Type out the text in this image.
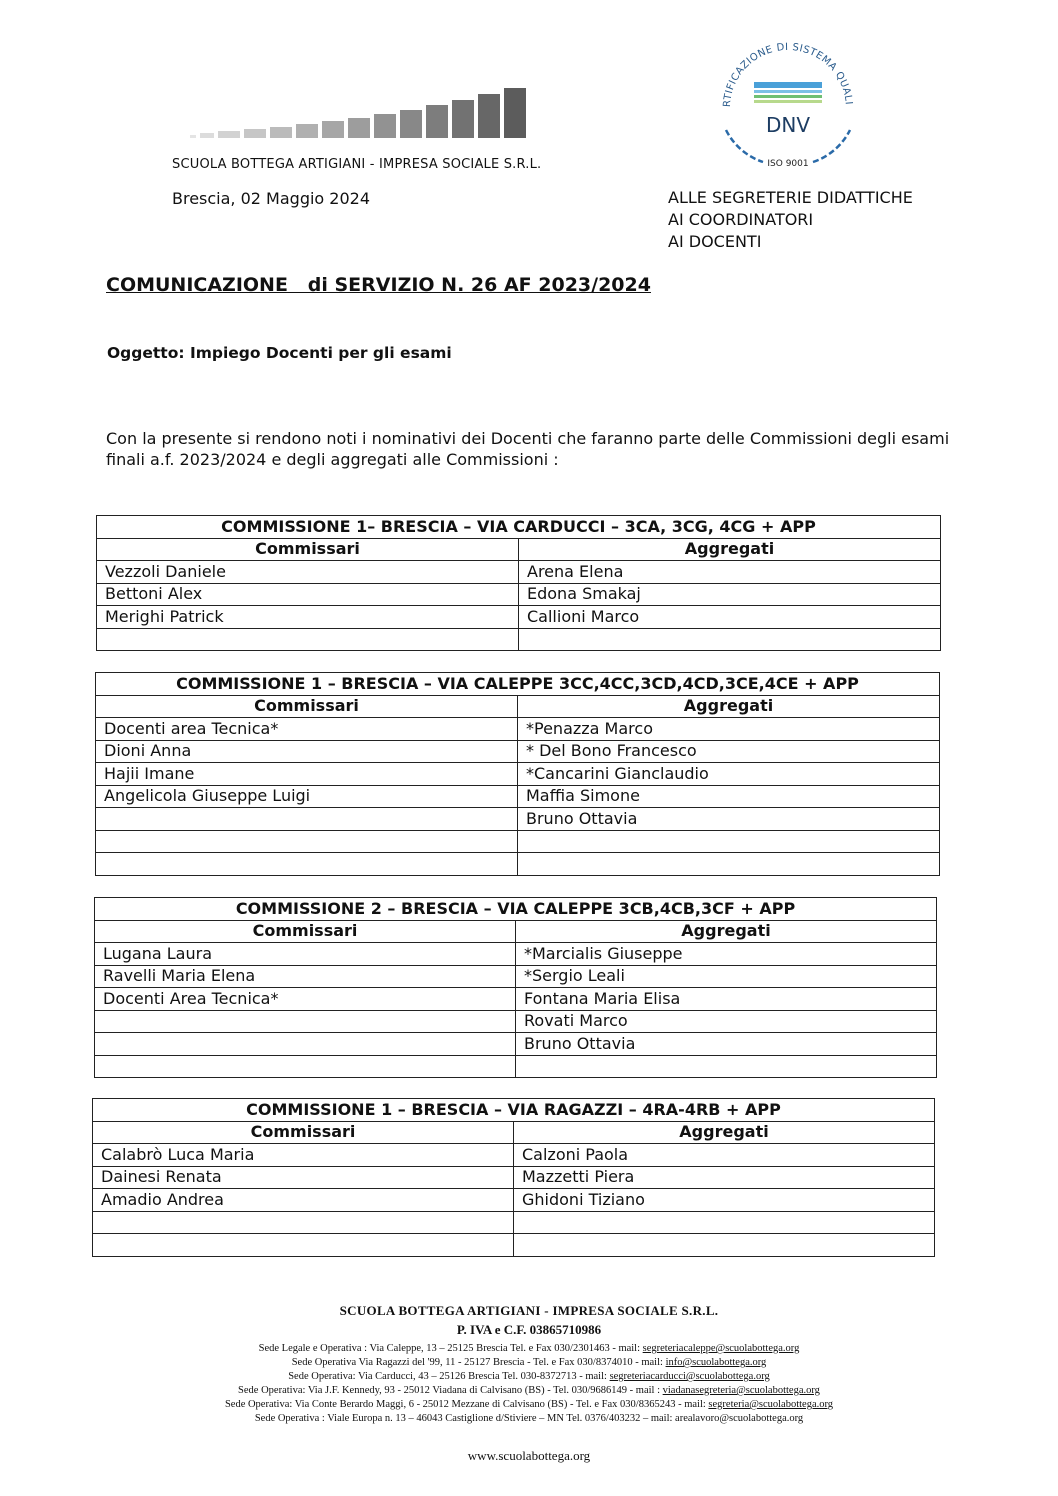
SCUOLA BOTTEGA ARTIGIANI - IMPRESA SOCIALE S.R.L.
Brescia, 02 Maggio 2024
RTIFICAZIONE DI SISTEMA QUALI
DNV
ISO 9001
ALLE SEGRETERIE DIDATTICHE
AI COORDINATORI
AI DOCENTI
COMUNICAZIONE   di SERVIZIO N. 26 AF 2023/2024
Oggetto: Impiego Docenti per gli esami
Con la presente si rendono noti i nominativi dei Docenti che faranno parte delle Commissioni degli esami finali a.f. 2023/2024 e degli aggregati alle Commissioni :
COMMISSIONE 1– BRESCIA – VIA CARDUCCI – 3CA, 3CG, 4CG + APP	
Commissari	Aggregati
Vezzoli Daniele	Arena Elena
Bettoni Alex	Edona Smakaj
Merighi Patrick	Callioni Marco

COMMISSIONE 1 – BRESCIA – VIA CALEPPE 3CC,4CC,3CD,4CD,3CE,4CE + APP	
Commissari	Aggregati
Docenti area Tecnica*	*Penazza Marco
Dioni Anna	* Del Bono Francesco
Hajii Imane	*Cancarini Gianclaudio
Angelicola Giuseppe Luigi	Maffia Simone
	Bruno Ottavia

COMMISSIONE 2 – BRESCIA – VIA CALEPPE 3CB,4CB,3CF + APP	
Commissari	Aggregati
Lugana Laura	*Marcialis Giuseppe
Ravelli Maria Elena	*Sergio Leali
Docenti Area Tecnica*	Fontana Maria Elisa
	Rovati Marco
	Bruno Ottavia

COMMISSIONE 1 – BRESCIA – VIA RAGAZZI – 4RA-4RB + APP	
Commissari	Aggregati
Calabrò Luca Maria	Calzoni Paola
Dainesi Renata	Mazzetti Piera
Amadio Andrea	Ghidoni Tiziano

SCUOLA BOTTEGA ARTIGIANI - IMPRESA SOCIALE S.R.L.
P. IVA e C.F. 03865710986
Sede Legale e Operativa : Via Caleppe, 13 – 25125 Brescia Tel. e Fax 030/2301463 - mail: segreteriacaleppe@scuolabottega.org
Sede Operativa Via Ragazzi del '99, 11 - 25127 Brescia - Tel. e Fax 030/8374010 - mail: info@scuolabottega.org
Sede Operativa: Via Carducci, 43 – 25126 Brescia Tel. 030-8372713 - mail: segreteriacarducci@scuolabottega.org
Sede Operativa: Via J.F. Kennedy, 93 - 25012 Viadana di Calvisano (BS) - Tel. 030/9686149 - mail : viadanasegreteria@scuolabottega.org
Sede Operativa: Via Conte Berardo Maggi, 6 - 25012 Mezzane di Calvisano (BS) - Tel. e Fax 030/8365243 - mail: segreteria@scuolabottega.org
Sede Operativa : Viale Europa n. 13 – 46043 Castiglione d/Stiviere – MN Tel. 0376/403232 – mail: arealavoro@scuolabottega.org
www.scuolabottega.org
